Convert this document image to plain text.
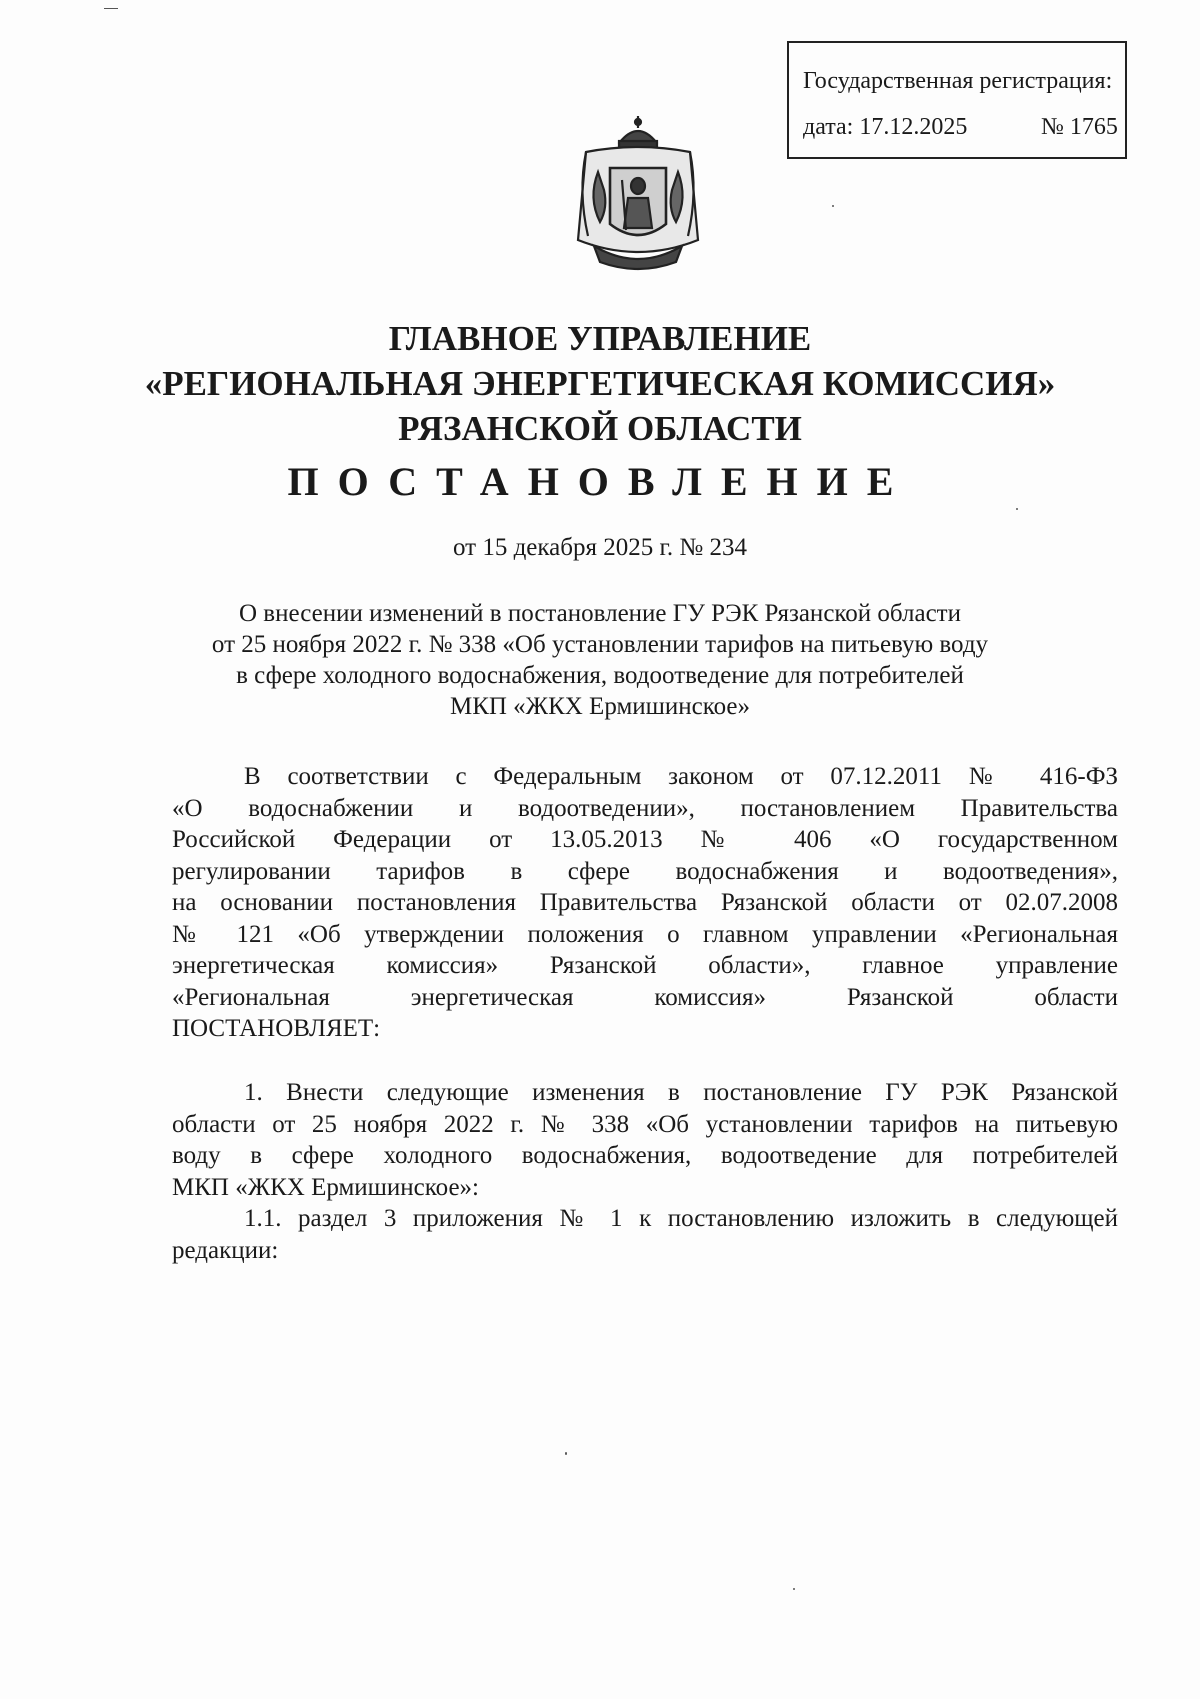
Государственная регистрация:
дата: 17.12.2025	№ 1765
ГЛАВНОЕ УПРАВЛЕНИЕ
«РЕГИОНАЛЬНАЯ ЭНЕРГЕТИЧЕСКАЯ КОМИССИЯ»
РЯЗАНСКОЙ ОБЛАСТИ
ПОСТАНОВЛЕНИЕ
от 15 декабря 2025 г. № 234
О внесении изменений в постановление ГУ РЭК Рязанской области
от 25 ноября 2022 г. № 338 «Об установлении тарифов на питьевую воду
в сфере холодного водоснабжения, водоотведение для потребителей
МКП «ЖКХ Ермишинское»
В соответствии с Федеральным законом от 07.12.2011 № 416-ФЗ
«О водоснабжении и водоотведении», постановлением Правительства
Российской Федерации от 13.05.2013 № 406 «О государственном
регулировании тарифов в сфере водоснабжения и водоотведения»,
на основании постановления Правительства Рязанской области от 02.07.2008
№ 121 «Об утверждении положения о главном управлении «Региональная
энергетическая комиссия» Рязанской области», главное управление
«Региональная энергетическая комиссия» Рязанской области
ПОСТАНОВЛЯЕТ:
1. Внести следующие изменения в постановление ГУ РЭК Рязанской
области от 25 ноября 2022 г. № 338 «Об установлении тарифов на питьевую
воду в сфере холодного водоснабжения, водоотведение для потребителей
МКП «ЖКХ Ермишинское»:
1.1. раздел 3 приложения № 1 к постановлению изложить в следующей
редакции:
